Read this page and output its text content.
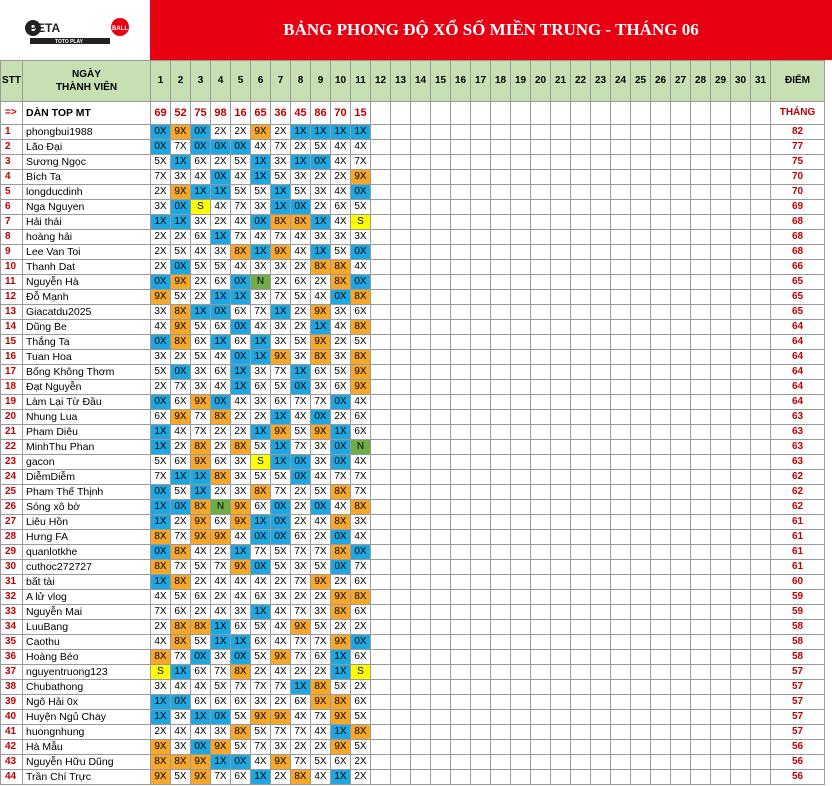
PETA	BALL
TOTO PLAY
BẢNG PHONG ĐỘ XỔ SỐ MIỀN TRUNG - THÁNG 06
STT	NGÀY
THÀNH VIÊN	1	2	3	4	5	6	7	8	9	10	11	12	13	14	15	16	17	18	19	20	21	22	23	24	25	26	27	28	29	30	31	ĐIỂM
=>	DÀN TOP MT	69	52	75	98	16	65	36	45	86	70	15																					THÁNG
1	phongbui1988	0X	9X	0X	2X	2X	9X	2X	1X	1X	1X	1X																					82
2	Lão Đại	0X	7X	0X	0X	0X	4X	7X	2X	5X	4X	4X																					77
3	Sương Ngọc	5X	1X	6X	2X	5X	1X	3X	1X	0X	4X	7X																					75
4	Bích Ta	7X	3X	4X	0X	4X	1X	5X	3X	2X	2X	9X																					70
5	longducdinh	2X	9X	1X	1X	5X	5X	1X	5X	3X	4X	0X																					70
6	Nga Nguyen	3X	0X	S	4X	7X	3X	1X	0X	2X	6X	5X																					69
7	Hải thái	1X	1X	3X	2X	4X	0X	8X	8X	1X	4X	S																					68
8	hoàng hải	2X	2X	6X	1X	7X	4X	7X	4X	3X	3X	3X																					68
9	Lee Van Toi	2X	5X	4X	3X	8X	1X	9X	4X	1X	5X	0X																					68
10	Thanh Dat	2X	0X	5X	5X	4X	3X	3X	2X	8X	8X	4X																					66
11	Nguyễn Hà	0X	9X	2X	6X	0X	N	2X	6X	2X	8X	0X																					65
12	Đỗ Mạnh	9X	5X	2X	1X	1X	3X	7X	5X	4X	0X	8X																					65
13	Giacatdu2025	3X	8X	1X	0X	6X	7X	1X	2X	9X	3X	6X																					65
14	Dũng Be	4X	9X	5X	6X	0X	4X	3X	2X	1X	4X	8X																					64
15	Thắng Ta	0X	8X	6X	1X	6X	1X	3X	5X	9X	2X	5X																					64
16	Tuan Hoa	3X	2X	5X	4X	0X	1X	9X	3X	8X	3X	8X																					64
17	Bống Không Thơm	5X	0X	3X	6X	1X	3X	7X	1X	6X	5X	9X																					64
18	Đạt Nguyễn	2X	7X	3X	4X	1X	6X	5X	0X	3X	6X	9X																					64
19	Làm Lại Từ Đầu	0X	6X	9X	0X	4X	3X	6X	7X	7X	0X	4X																					64
20	Nhung Lua	6X	9X	7X	8X	2X	2X	1X	4X	0X	2X	6X																					63
21	Pham Diêu	1X	4X	7X	2X	2X	1X	9X	5X	9X	1X	6X																					63
22	MinhThu Phan	1X	2X	8X	2X	8X	5X	1X	7X	3X	0X	N																					63
23	gacon	5X	6X	9X	6X	3X	S	1X	0X	3X	0X	4X																					63
24	DiễmDiễm	7X	1X	1X	8X	3X	5X	5X	0X	4X	7X	7X																					62
25	Pham Thế Thịnh	0X	5X	1X	2X	3X	8X	7X	2X	5X	8X	7X																					62
26	Sóng xô bờ	1X	0X	8X	N	9X	6X	0X	2X	0X	4X	8X																					62
27	Liêu Hồn	1X	2X	9X	6X	9X	1X	0X	2X	4X	8X	3X																					61
28	Hưng FA	8X	7X	9X	9X	4X	0X	0X	6X	2X	0X	4X																					61
29	quanlotkhe	0X	8X	4X	2X	1X	7X	5X	7X	7X	8X	0X																					61
30	cuthoc272727	8X	7X	5X	7X	9X	0X	5X	3X	5X	0X	7X																					61
31	bất tài	1X	8X	2X	4X	4X	4X	2X	7X	9X	2X	6X																					60
32	A lử vlog	4X	5X	6X	2X	4X	6X	3X	2X	2X	9X	8X																					59
33	Nguyễn Mai	7X	6X	2X	4X	3X	1X	4X	7X	3X	8X	6X																					59
34	LuuBang	2X	8X	8X	1X	6X	5X	4X	9X	5X	2X	2X																					58
35	Caothu	4X	8X	5X	1X	1X	6X	4X	7X	7X	9X	0X																					58
36	Hoàng Béo	8X	7X	0X	3X	0X	5X	9X	7X	6X	1X	6X																					58
37	nguyentruong123	S	1X	6X	7X	8X	2X	4X	2X	2X	1X	S																					57
38	Chubathong	3X	4X	4X	5X	7X	7X	7X	1X	8X	5X	2X																					57
39	Ngô Hải 0x	1X	0X	6X	6X	6X	3X	2X	6X	9X	8X	6X																					57
40	Huyện Ngủ Chay	1X	3X	1X	0X	5X	9X	9X	4X	7X	9X	5X																					57
41	huongnhung	2X	4X	4X	3X	8X	5X	7X	7X	4X	1X	8X																					57
42	Hà Mẫu	9X	3X	0X	9X	5X	7X	3X	2X	2X	9X	5X																					56
43	Nguyễn Hữu Dũng	8X	8X	9X	1X	0X	4X	9X	7X	5X	6X	2X																					56
44	Trần Chí Trực	9X	5X	9X	7X	6X	1X	2X	8X	4X	1X	2X																					56
